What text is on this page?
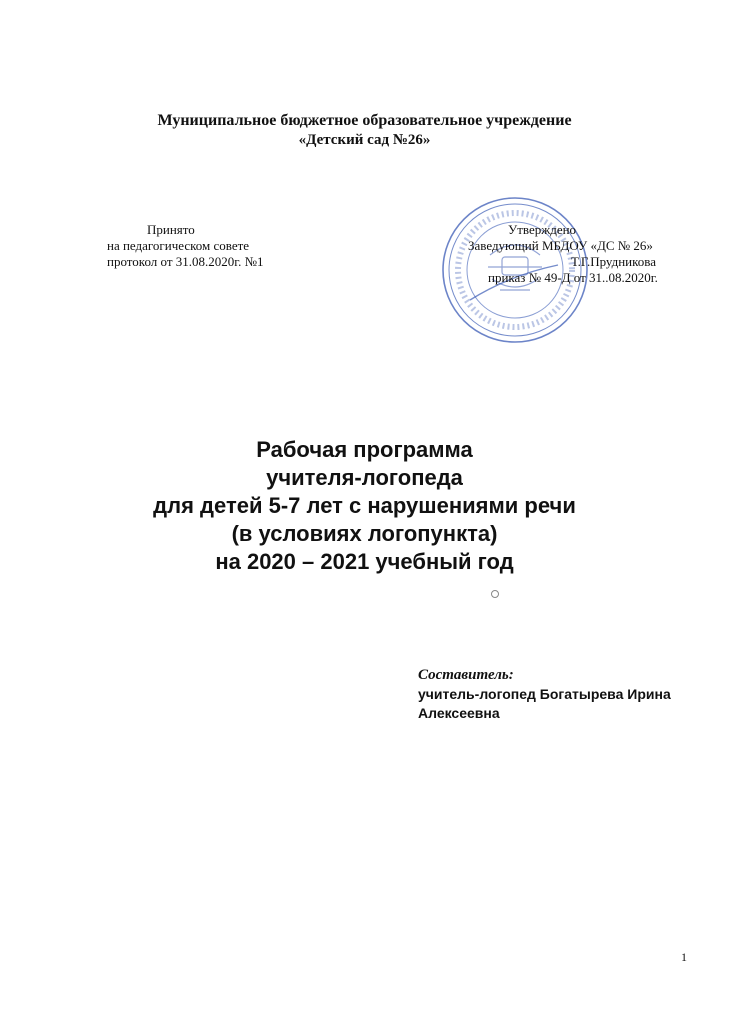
Муниципальное бюджетное образовательное учреждение
«Детский сад №26»
Принято
на педагогическом совете
протокол от 31.08.2020г. №1
Утверждено
Заведующий МБДОУ «ДС № 26»
Т.Г.Прудникова
приказ № 49-Д от 31..08.2020г.
Рабочая программа
учителя-логопеда
для детей 5-7 лет с нарушениями речи
(в условиях логопункта)
на 2020 – 2021 учебный год
Составитель:
учитель-логопед Богатырева Ирина
Алексеевна
1
